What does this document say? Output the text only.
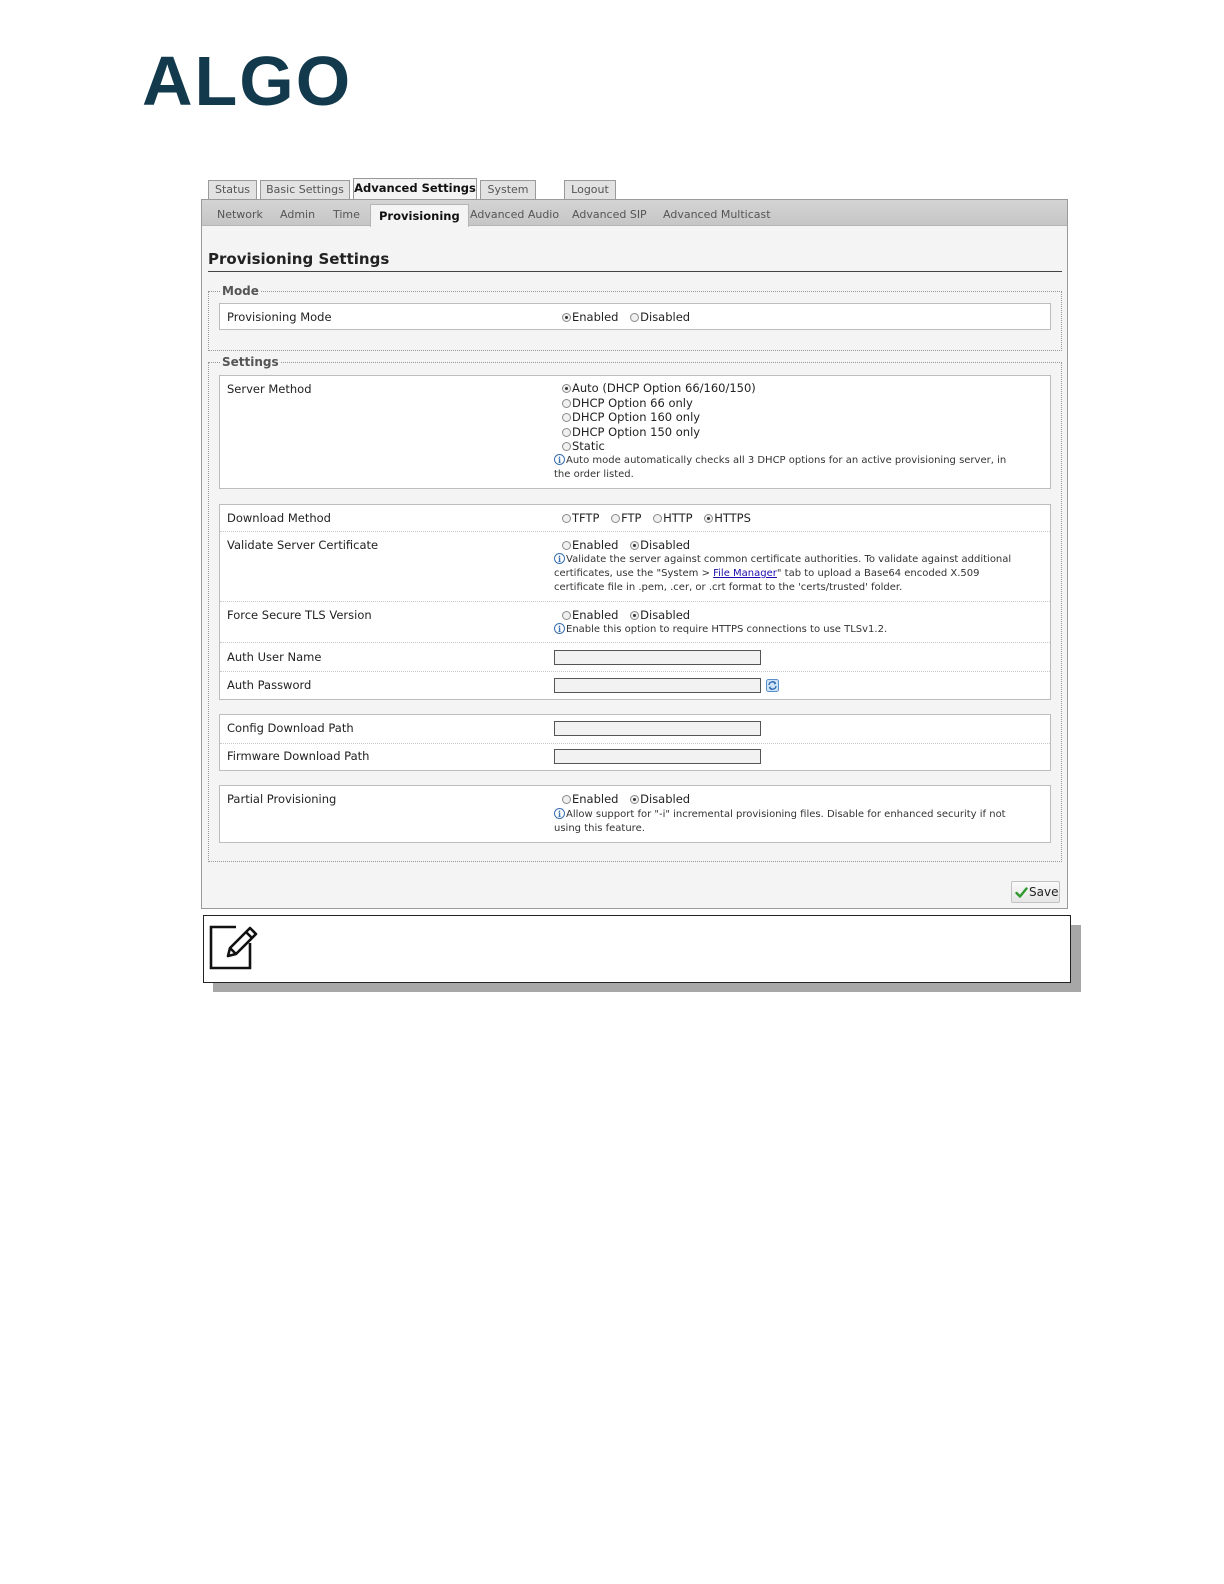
ALGO
Status	Basic Settings Advanced Settings	System	Logout
Network Admin Time	Provisioning Advanced Audio Advanced SIP Advanced Multicast
Provisioning Settings
Mode
Provisioning Mode	Enabled Disabled
Settings
Server Method	Auto (DHCP Option 66/160/150)
DHCP Option 66 only
DHCP Option 160 only
DHCP Option 150 only
Static
i Auto mode automatically checks all 3 DHCP options for an active provisioning server, in the order listed.
Download Method	TFTP FTP HTTP HTTPS
Validate Server Certificate	Enabled Disabled
i Validate the server against common certificate authorities. To validate against additional certificates, use the "System > File Manager" tab to upload a Base64 encoded X.509 certificate file in .pem, .cer, or .crt format to the 'certs/trusted' folder.
Force Secure TLS Version	Enabled Disabled
i Enable this option to require HTTPS connections to use TLSv1.2.
Auth User Name
Auth Password
Config Download Path
Firmware Download Path
Partial Provisioning	Enabled Disabled
i Allow support for "-i" incremental provisioning files. Disable for enhanced security if not using this feature.
Save
